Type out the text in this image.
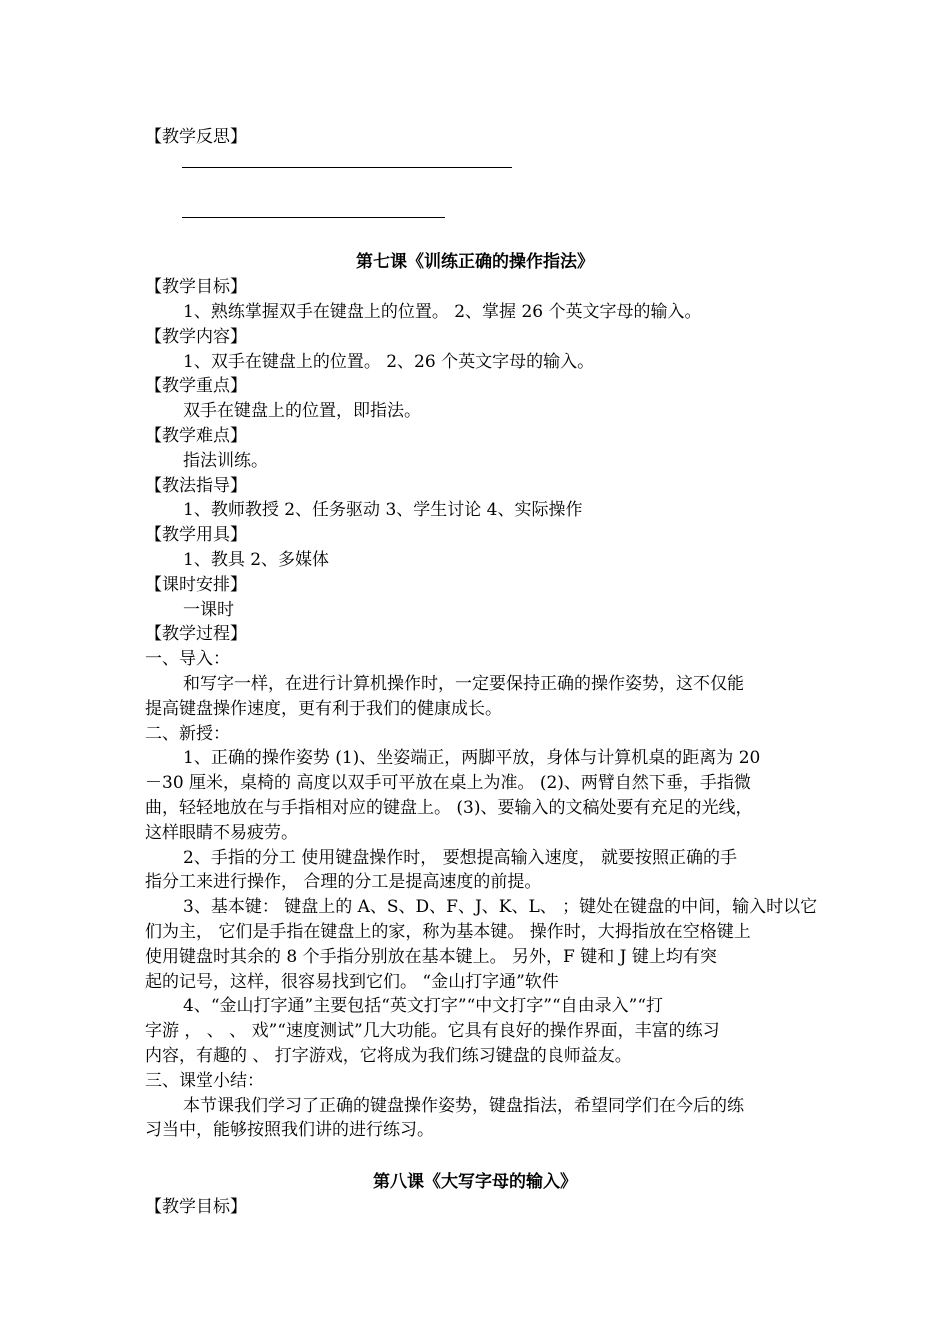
【教学反思】
第七课《训练正确的操作指法》
【教学目标】
1、熟练掌握双手在键盘上的位置。 2、掌握 26 个英文字母的输入。
【教学内容】
1、双手在键盘上的位置。 2、26 个英文字母的输入。
【教学重点】
双手在键盘上的位置，即指法。
【教学难点】
指法训练。
【教法指导】
1、教师教授 2、任务驱动 3、学生讨论 4、实际操作
【教学用具】
1、教具 2、多媒体
【课时安排】
一课时
【教学过程】
一、导入：
和写字一样，在进行计算机操作时，一定要保持正确的操作姿势，这不仅能
提高键盘操作速度，更有利于我们的健康成长。
二、新授：
1、正确的操作姿势 (1)、坐姿端正，两脚平放，身体与计算机桌的距离为 20
－30 厘米，桌椅的 高度以双手可平放在桌上为准。 (2)、两臂自然下垂，手指微
曲，轻轻地放在与手指相对应的键盘上。 (3)、要输入的文稿处要有充足的光线，
这样眼睛不易疲劳。
2、手指的分工 使用键盘操作时， 要想提高输入速度， 就要按照正确的手
指分工来进行操作， 合理的分工是提高速度的前提。
3、基本键： 键盘上的 A、S、D、F、J、K、L、 ；键处在键盘的中间，输入时以它
们为主， 它们是手指在键盘上的家，称为基本键。 操作时，大拇指放在空格键上
使用键盘时其余的 8 个手指分别放在基本键上。 另外，F 键和 J 键上均有突
起的记号，这样，很容易找到它们。 “金山打字通”软件
4、“金山打字通”主要包括“英文打字”“中文打字”“自由录入”“打
字游 ， 、 、 戏”“速度测试”几大功能。它具有良好的操作界面，丰富的练习
内容，有趣的 、 打字游戏，它将成为我们练习键盘的良师益友。
三、课堂小结：
本节课我们学习了正确的键盘操作姿势，键盘指法，希望同学们在今后的练
习当中，能够按照我们讲的进行练习。
第八课《大写字母的输入》
【教学目标】
